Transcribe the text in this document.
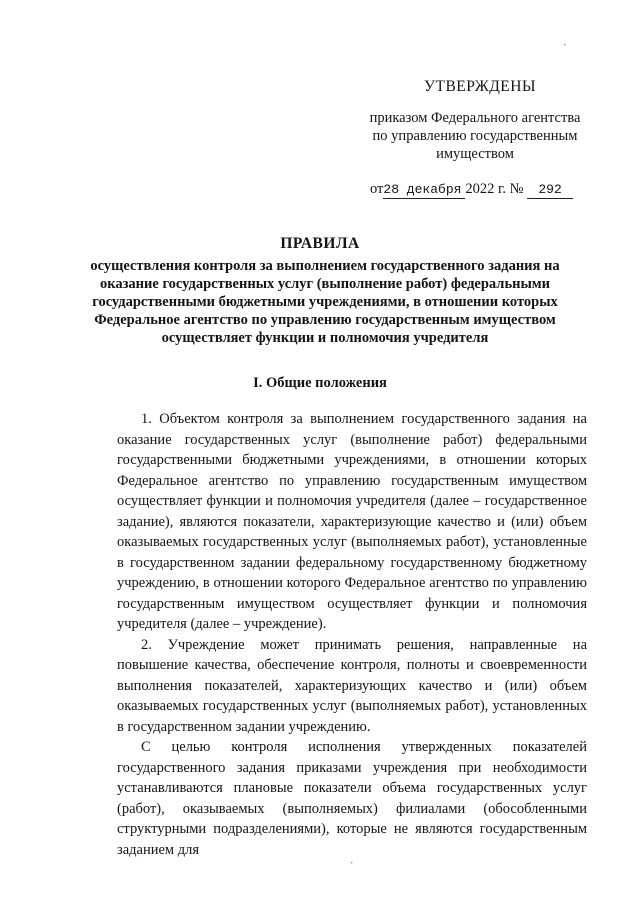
УТВЕРЖДЕНЫ
приказом Федерального агентства по управлению государственным имуществом
от28 декабря 2022 г. № 292
ПРАВИЛА
осуществления контроля за выполнением государственного задания на оказание государственных услуг (выполнение работ) федеральными государственными бюджетными учреждениями, в отношении которых Федеральное агентство по управлению государственным имуществом осуществляет функции и полномочия учредителя
I. Общие положения

1. Объектом контроля за выполнением государственного задания на оказание государственных услуг (выполнение работ) федеральными государственными бюджетными учреждениями, в отношении которых Федеральное агентство по управлению государственным имуществом осуществляет функции и полномочия учредителя (далее – государственное задание), являются показатели, характеризующие качество и (или) объем оказываемых государственных услуг (выполняемых работ), установленные в государственном задании федеральному государственному бюджетному учреждению, в отношении которого Федеральное агентство по управлению государственным имуществом осуществляет функции и полномочия учредителя (далее – учреждение).

2. Учреждение может принимать решения, направленные на повышение качества, обеспечение контроля, полноты и своевременности выполнения показателей, характеризующих качество и (или) объем оказываемых государственных услуг (выполняемых работ), установленных в государственном задании учреждению.

С целью контроля исполнения утвержденных показателей государственного задания приказами учреждения при необходимости устанавливаются плановые показатели объема государственных услуг (работ), оказываемых (выполняемых) филиалами (обособленными структурными подразделениями), которые не являются государственным заданием для

ˋ
ˊ
